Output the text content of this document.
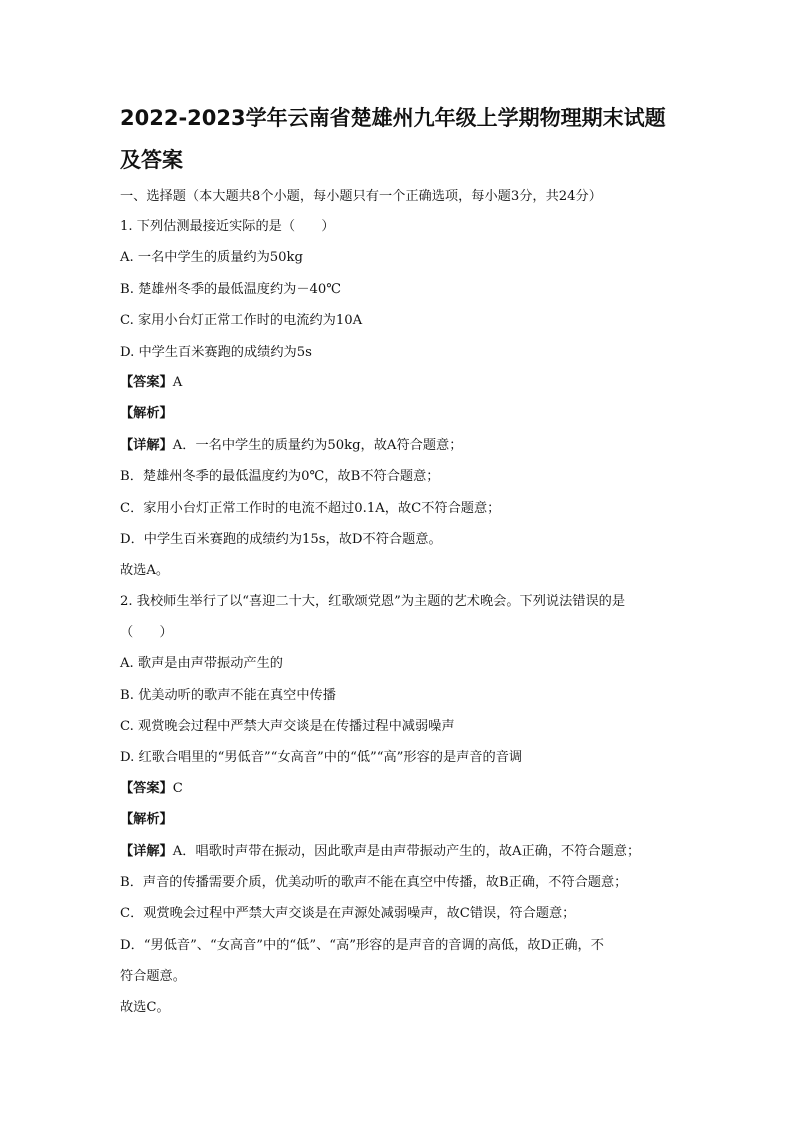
2022-2023学年云南省楚雄州九年级上学期物理期末试题及答案
一、选择题（本大题共8个小题，每小题只有一个正确选项，每小题3分，共24分）
1. 下列估测最接近实际的是（　　）
A. 一名中学生的质量约为50kg
B. 楚雄州冬季的最低温度约为－40℃
C. 家用小台灯正常工作时的电流约为10A
D. 中学生百米赛跑的成绩约为5s
【答案】A
【解析】
【详解】A．一名中学生的质量约为50kg，故A符合题意；
B．楚雄州冬季的最低温度约为0℃，故B不符合题意；
C．家用小台灯正常工作时的电流不超过0.1A，故C不符合题意；
D．中学生百米赛跑的成绩约为15s，故D不符合题意。
故选A。
2. 我校师生举行了以“喜迎二十大，红歌颂党恩”为主题的艺术晚会。下列说法错误的是
（　　）
A. 歌声是由声带振动产生的
B. 优美动听的歌声不能在真空中传播
C. 观赏晚会过程中严禁大声交谈是在传播过程中减弱噪声
D. 红歌合唱里的“男低音”“女高音”中的“低”“高”形容的是声音的音调
【答案】C
【解析】
【详解】A．唱歌时声带在振动，因此歌声是由声带振动产生的，故A正确，不符合题意；
B．声音的传播需要介质，优美动听的歌声不能在真空中传播，故B正确，不符合题意；
C．观赏晚会过程中严禁大声交谈是在声源处减弱噪声，故C错误，符合题意；
D．“男低音”、“女高音”中的“低”、“高”形容的是声音的音调的高低，故D正确，不
符合题意。
故选C。
